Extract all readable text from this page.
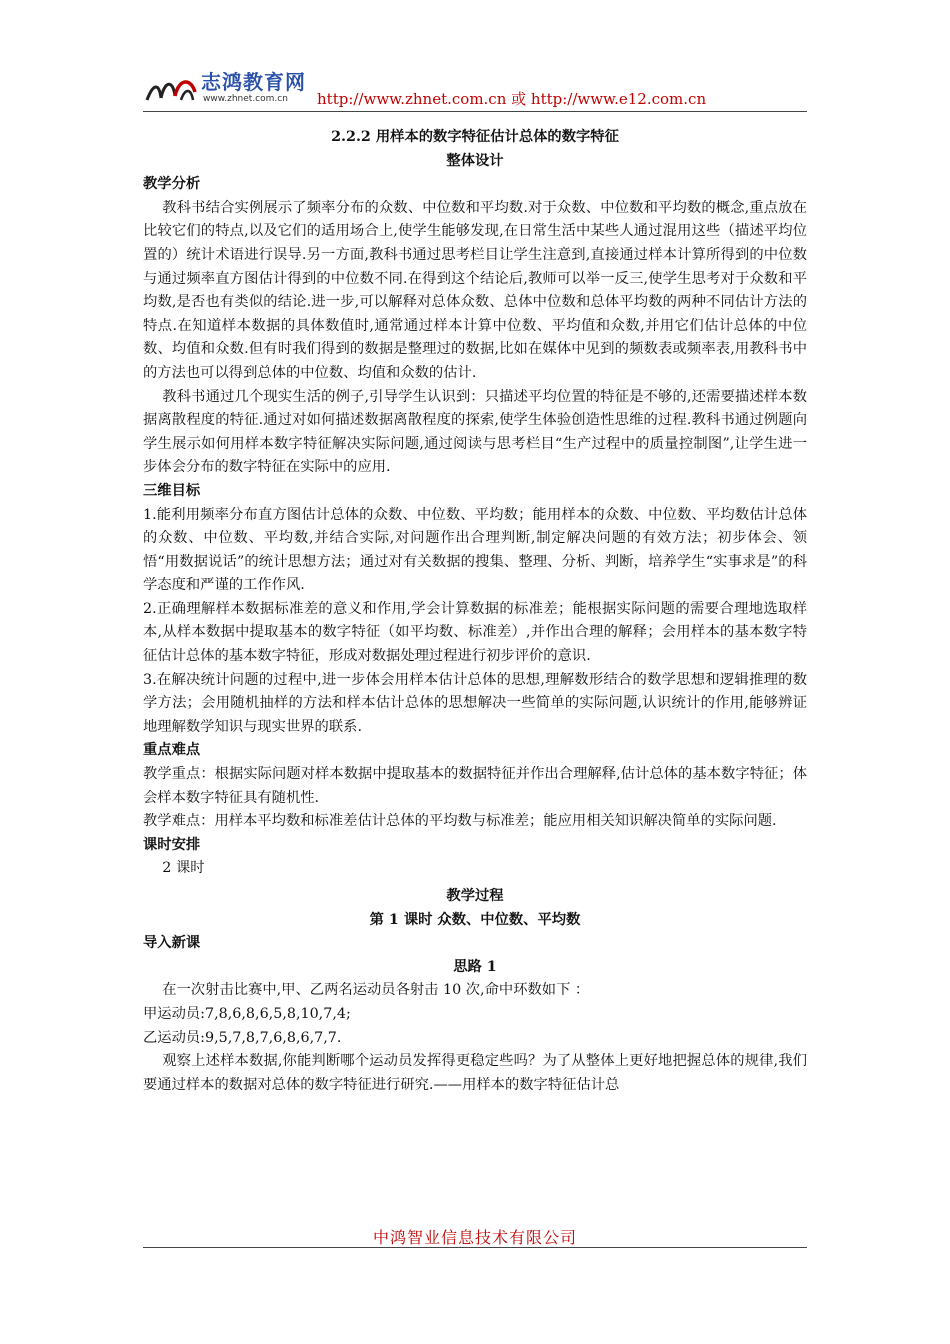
志鸿教育网
www.zhnet.com.cn http://www.zhnet.com.cn 或 http://www.e12.com.cn

2.2.2 用样本的数字特征估计总体的数字特征

整体设计

教学分析

教科书结合实例展示了频率分布的众数、中位数和平均数.对于众数、中位数和平均数的概念,重点放在比较它们的特点,以及它们的适用场合上,使学生能够发现,在日常生活中某些人通过混用这些（描述平均位置的）统计术语进行误导.另一方面,教科书通过思考栏目让学生注意到,直接通过样本计算所得到的中位数与通过频率直方图估计得到的中位数不同.在得到这个结论后,教师可以举一反三,使学生思考对于众数和平均数,是否也有类似的结论.进一步,可以解释对总体众数、总体中位数和总体平均数的两种不同估计方法的特点.在知道样本数据的具体数值时,通常通过样本计算中位数、平均值和众数,并用它们估计总体的中位数、均值和众数.但有时我们得到的数据是整理过的数据,比如在媒体中见到的频数表或频率表,用教科书中的方法也可以得到总体的中位数、均值和众数的估计.

教科书通过几个现实生活的例子,引导学生认识到：只描述平均位置的特征是不够的,还需要描述样本数据离散程度的特征.通过对如何描述数据离散程度的探索,使学生体验创造性思维的过程.教科书通过例题向学生展示如何用样本数字特征解决实际问题,通过阅读与思考栏目“生产过程中的质量控制图”,让学生进一步体会分布的数字特征在实际中的应用.

三维目标

1.能利用频率分布直方图估计总体的众数、中位数、平均数；能用样本的众数、中位数、平均数估计总体的众数、中位数、平均数,并结合实际,对问题作出合理判断,制定解决问题的有效方法；初步体会、领悟“用数据说话”的统计思想方法；通过对有关数据的搜集、整理、分析、判断，培养学生“实事求是”的科学态度和严谨的工作作风.

2.正确理解样本数据标准差的意义和作用,学会计算数据的标准差；能根据实际问题的需要合理地选取样本,从样本数据中提取基本的数字特征（如平均数、标准差）,并作出合理的解释；会用样本的基本数字特征估计总体的基本数字特征，形成对数据处理过程进行初步评价的意识.

3.在解决统计问题的过程中,进一步体会用样本估计总体的思想,理解数形结合的数学思想和逻辑推理的数学方法；会用随机抽样的方法和样本估计总体的思想解决一些简单的实际问题,认识统计的作用,能够辨证地理解数学知识与现实世界的联系.

重点难点

教学重点：根据实际问题对样本数据中提取基本的数据特征并作出合理解释,估计总体的基本数字特征；体会样本数字特征具有随机性.

教学难点：用样本平均数和标准差估计总体的平均数与标准差；能应用相关知识解决简单的实际问题.

课时安排

2 课时

教学过程

第 1 课时 众数、中位数、平均数

导入新课

思路 1

在一次射击比赛中,甲、乙两名运动员各射击 10 次,命中环数如下 ：

甲运动员:7,8,6,8,6,5,8,10,7,4;

乙运动员:9,5,7,8,7,6,8,6,7,7.

观察上述样本数据,你能判断哪个运动员发挥得更稳定些吗？为了从整体上更好地把握总体的规律,我们要通过样本的数据对总体的数字特征进行研究.——用样本的数字特征估计总

中鸿智业信息技术有限公司
